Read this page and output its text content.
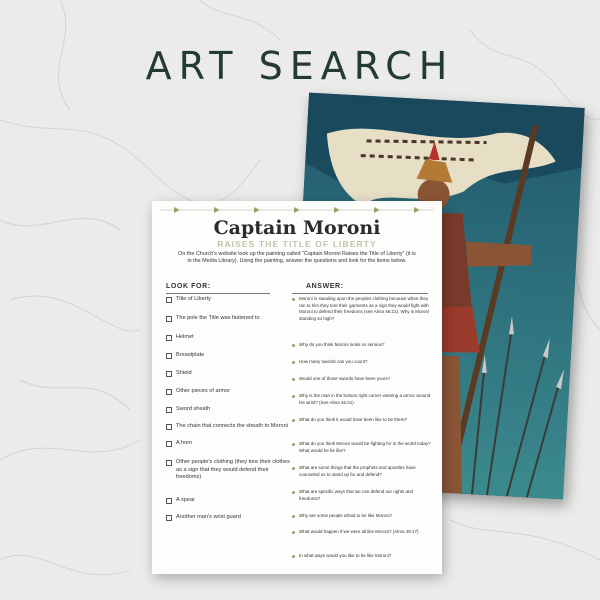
ART SEARCH
Captain Moroni
RAISES THE TITLE OF LIBERTY
On the Church's website look up the painting called "Captain Moroni Raises the Title of Liberty" (it is in the Media Library). Using the painting, answer the questions and look for the items below.
LOOK FOR:	ANSWER:
Title of Liberty
The pole the Title was fastened to
Helmet
Breastplate
Shield
Other pieces of armor
Sword sheath
The chain that connects the sheath to Moroni
A horn
Other people's clothing (they tore their clothes as a sign that they would defend their freedoms)
A spear
Another man's wrist guard
Moroni is standing upon the peoples clothing because when they ran to him they tore their garments as a sign they would fight with Moroni to defend their freedoms (see Alma 46:21). Why is Moroni standing so high?
Why do you think Moroni looks so serious?
How many swords can you count?
Would one of those swords have been yours?
Why is the man in the bottom right corner wearing a armor around his wrist? (See Alma 46:21)
What do you think it would have been like to be there?
What do you think Moroni would be fighting for in the world today? What would he be like?
What are some things that the prophets and apostles have counseled us to stand up for and defend?
What are specific ways that we can defend our rights and freedoms?
Why are some people afraid to be like Moroni?
What would happen if we were all like Moroni? (Alma 48:17)
In what ways would you like to be like Moroni?
